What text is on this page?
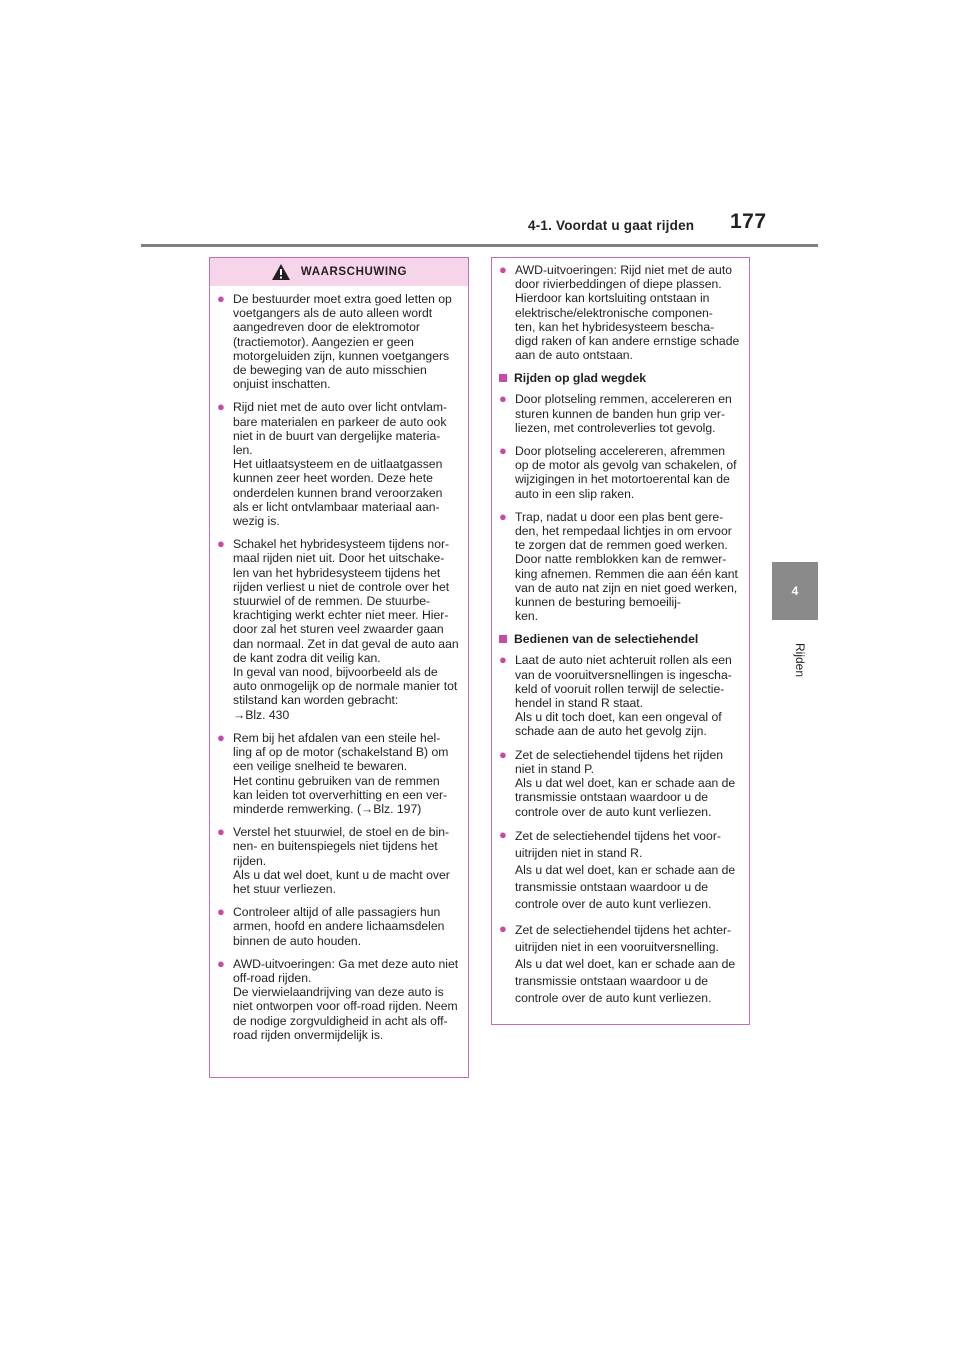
4-1. Voordat u gaat rijden 177
4
Rijden
WAARSCHUWING
● De bestuurder moet extra goed letten op voetgangers als de auto alleen wordt aangedreven door de elektromotor (tractiemotor). Aangezien er geen motorgeluiden zijn, kunnen voetgangers de beweging van de auto misschien onjuist inschatten.
● Rijd niet met de auto over licht ontvlam-
bare materialen en parkeer de auto ook niet in de buurt van dergelijke materia-
len.
Het uitlaatsysteem en de uitlaatgassen kunnen zeer heet worden. Deze hete onderdelen kunnen brand veroorzaken als er licht ontvlambaar materiaal aan-
wezig is.
● Schakel het hybridesysteem tijdens nor-
maal rijden niet uit. Door het uitschake-
len van het hybridesysteem tijdens het rijden verliest u niet de controle over het stuurwiel of de remmen. De stuurbe-
krachtiging werkt echter niet meer. Hier-
door zal het sturen veel zwaarder gaan dan normaal. Zet in dat geval de auto aan de kant zodra dit veilig kan.
In geval van nood, bijvoorbeeld als de auto onmogelijk op de normale manier tot stilstand kan worden gebracht:
→Blz. 430
● Rem bij het afdalen van een steile hel-
ling af op de motor (schakelstand B) om een veilige snelheid te bewaren.
Het continu gebruiken van de remmen kan leiden tot oververhitting en een ver-
minderde remwerking. (→Blz. 197)
● Verstel het stuurwiel, de stoel en de bin-
nen- en buitenspiegels niet tijdens het rijden.
Als u dat wel doet, kunt u de macht over het stuur verliezen.
● Controleer altijd of alle passagiers hun armen, hoofd en andere lichaamsdelen binnen de auto houden.
● AWD-uitvoeringen: Ga met deze auto niet off-road rijden.
De vierwielaandrijving van deze auto is niet ontworpen voor off-road rijden. Neem de nodige zorgvuldigheid in acht als off-road rijden onvermijdelijk is.
● AWD-uitvoeringen: Rijd niet met de auto door rivierbeddingen of diepe plassen. Hierdoor kan kortsluiting ontstaan in elektrische/elektronische componen-
ten, kan het hybridesysteem bescha-
digd raken of kan andere ernstige schade aan de auto ontstaan.
Rijden op glad wegdek
● Door plotseling remmen, accelereren en sturen kunnen de banden hun grip ver-
liezen, met controleverlies tot gevolg.
● Door plotseling accelereren, afremmen op de motor als gevolg van schakelen, of wijzigingen in het motortoerental kan de auto in een slip raken.
● Trap, nadat u door een plas bent gere-
den, het rempedaal lichtjes in om ervoor te zorgen dat de remmen goed werken. Door natte remblokken kan de remwer-
king afnemen. Remmen die aan één kant van de auto nat zijn en niet goed werken, kunnen de besturing bemoeilij-
ken.
Bedienen van de selectiehendel
● Laat de auto niet achteruit rollen als een van de vooruitversnellingen is ingescha-
keld of vooruit rollen terwijl de selectie-
hendel in stand R staat.
Als u dit toch doet, kan een ongeval of schade aan de auto het gevolg zijn.
● Zet de selectiehendel tijdens het rijden niet in stand P.
Als u dat wel doet, kan er schade aan de transmissie ontstaan waardoor u de controle over de auto kunt verliezen.
● Zet de selectiehendel tijdens het voor-
uitrijden niet in stand R.
Als u dat wel doet, kan er schade aan de transmissie ontstaan waardoor u de controle over de auto kunt verliezen.
● Zet de selectiehendel tijdens het achter-
uitrijden niet in een vooruitversnelling.
Als u dat wel doet, kan er schade aan de transmissie ontstaan waardoor u de controle over de auto kunt verliezen.
